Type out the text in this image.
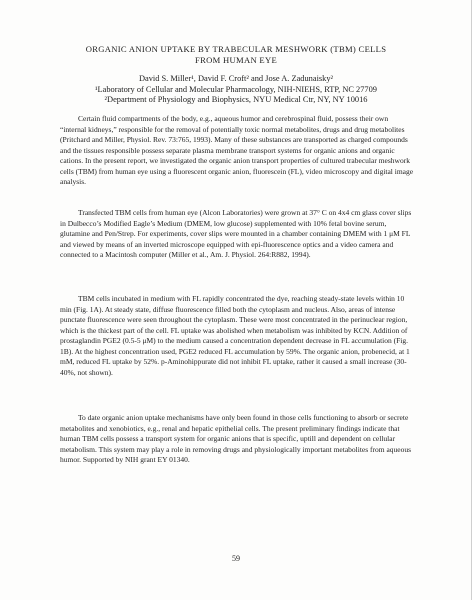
ORGANIC ANION UPTAKE BY TRABECULAR MESHWORK (TBM) CELLS
FROM HUMAN EYE
David S. Miller¹, David F. Croft² and Jose A. Zadunaisky²
¹Laboratory of Cellular and Molecular Pharmacology, NIH-NIEHS, RTP, NC 27709
²Department of Physiology and Biophysics, NYU Medical Ctr, NY, NY 10016

Certain fluid compartments of the body, e.g., aqueous humor and cerebrospinal fluid, possess their own “internal kidneys,” responsible for the removal of potentially toxic normal metabolites, drugs and drug metabolites (Pritchard and Miller, Physiol. Rev. 73:765, 1993). Many of these substances are transported as charged compounds and the tissues responsible possess separate plasma membrane transport systems for organic anions and organic cations. In the present report, we investigated the organic anion transport properties of cultured trabecular meshwork cells (TBM) from human eye using a fluorescent organic anion, fluorescein (FL), video microscopy and digital image analysis.

Transfected TBM cells from human eye (Alcon Laboratories) were grown at 37° C on 4x4 cm glass cover slips in Dulbecco’s Modified Eagle’s Medium (DMEM, low glucose) supplemented with 10% fetal bovine serum, glutamine and Pen/Strep. For experiments, cover slips were mounted in a chamber containing DMEM with 1 μM FL and viewed by means of an inverted microscope equipped with epi-fluorescence optics and a video camera and connected to a Macintosh computer (Miller et al., Am. J. Physiol. 264:R882, 1994).

TBM cells incubated in medium with FL rapidly concentrated the dye, reaching steady-state levels within 10 min (Fig. 1A). At steady state, diffuse fluorescence filled both the cytoplasm and nucleus. Also, areas of intense punctate fluorescence were seen throughout the cytoplasm. These were most concentrated in the perinuclear region, which is the thickest part of the cell. FL uptake was abolished when metabolism was inhibited by KCN. Addition of prostaglandin PGE2 (0.5-5 μM) to the medium caused a concentration dependent decrease in FL accumulation (Fig. 1B). At the highest concentration used, PGE2 reduced FL accumulation by 59%. The organic anion, probenecid, at 1 mM, reduced FL uptake by 52%. p-Aminohippurate did not inhibit FL uptake, rather it caused a small increase (30-40%, not shown).

To date organic anion uptake mechanisms have only been found in those cells functioning to absorb or secrete metabolites and xenobiotics, e.g., renal and hepatic epithelial cells. The present preliminary findings indicate that human TBM cells possess a transport system for organic anions that is specific, uptill and dependent on cellular metabolism. This system may play a role in removing drugs and physiologically important metabolites from aqueous humor. Supported by NIH grant EY 01340.

59
